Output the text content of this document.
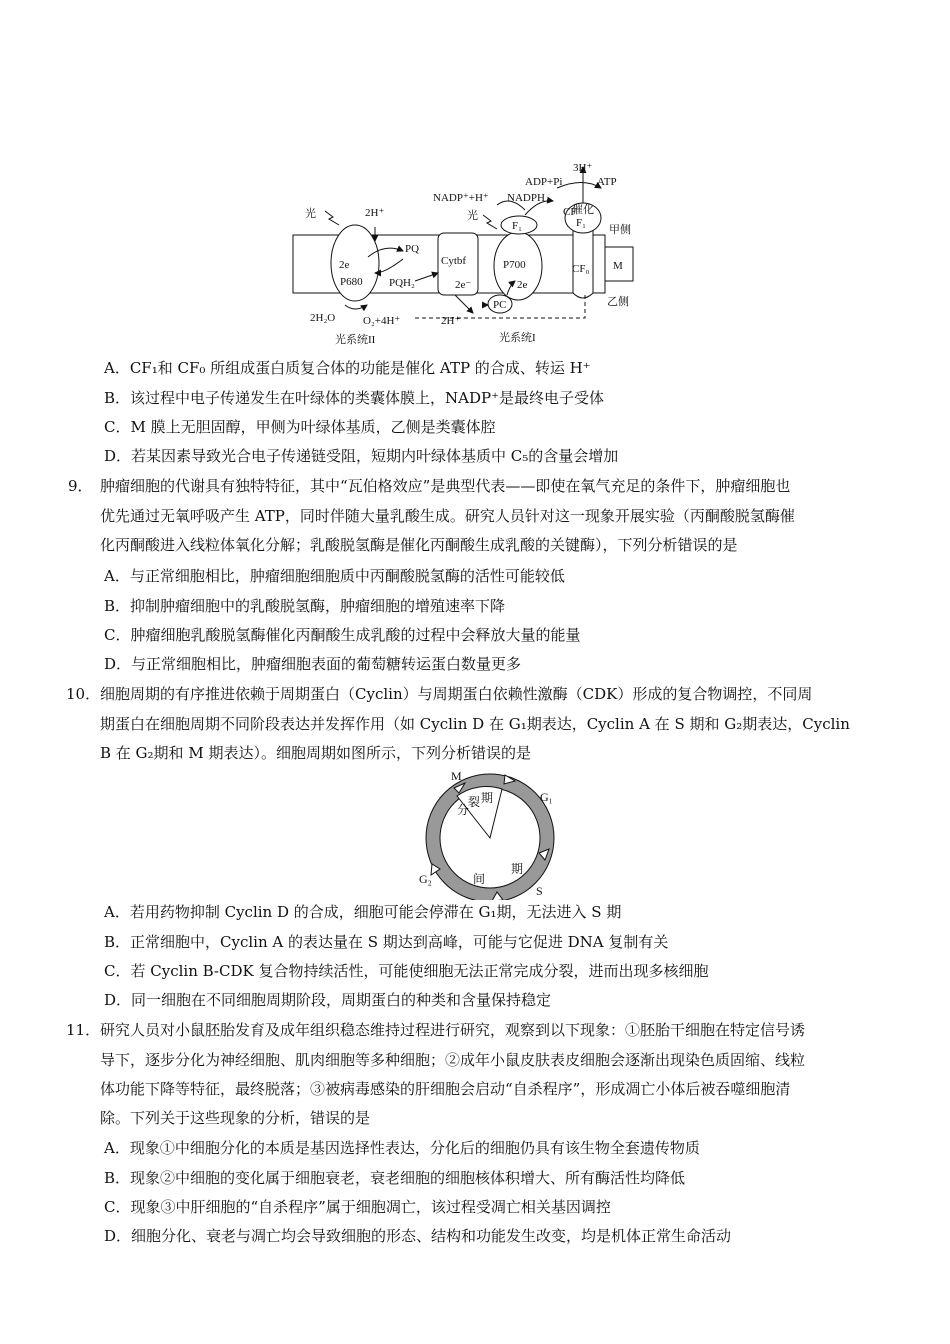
3H⁺
ADP+Pi	ATP
NADP⁺+H⁺ NADPH
催化
光	光
2H⁺
2e
P680
PQ
PQH₂
Cytbf
2e⁻
F₁	F₁
P700
2e
PC
CF
CF₀ M
甲侧
乙侧
2H₂O	O₂+4H⁺	2H⁺
光系统II	光系统I
A．CF₁和 CF₀ 所组成蛋白质复合体的功能是催化 ATP 的合成、转运 H⁺
B．该过程中电子传递发生在叶绿体的类囊体膜上，NADP⁺是最终电子受体
C．M 膜上无胆固醇，甲侧为叶绿体基质，乙侧是类囊体腔
D．若某因素导致光合电子传递链受阻，短期内叶绿体基质中 C₅的含量会增加
9． 肿瘤细胞的代谢具有独特特征，其中“瓦伯格效应”是典型代表——即使在氧气充足的条件下，肿瘤细胞也
优先通过无氧呼吸产生 ATP，同时伴随大量乳酸生成。研究人员针对这一现象开展实验（丙酮酸脱氢酶催
化丙酮酸进入线粒体氧化分解；乳酸脱氢酶是催化丙酮酸生成乳酸的关键酶），下列分析错误的是
A．与正常细胞相比，肿瘤细胞细胞质中丙酮酸脱氢酶的活性可能较低
B．抑制肿瘤细胞中的乳酸脱氢酶，肿瘤细胞的增殖速率下降
C．肿瘤细胞乳酸脱氢酶催化丙酮酸生成乳酸的过程中会释放大量的能量
D．与正常细胞相比，肿瘤细胞表面的葡萄糖转运蛋白数量更多
10． 细胞周期的有序推进依赖于周期蛋白（Cyclin）与周期蛋白依赖性激酶（CDK）形成的复合物调控，不同周
期蛋白在细胞周期不同阶段表达并发挥作用（如 Cyclin D 在 G₁期表达，Cyclin A 在 S 期和 G₂期表达，Cyclin
B 在 G₂期和 M 期表达）。细胞周期如图所示，下列分析错误的是
M
G₁
G₂
S
分
裂 期
间
期
A．若用药物抑制 Cyclin D 的合成，细胞可能会停滞在 G₁期，无法进入 S 期
B．正常细胞中，Cyclin A 的表达量在 S 期达到高峰，可能与它促进 DNA 复制有关
C．若 Cyclin B-CDK 复合物持续活性，可能使细胞无法正常完成分裂，进而出现多核细胞
D．同一细胞在不同细胞周期阶段，周期蛋白的种类和含量保持稳定
11． 研究人员对小鼠胚胎发育及成年组织稳态维持过程进行研究，观察到以下现象：①胚胎干细胞在特定信号诱
导下，逐步分化为神经细胞、肌肉细胞等多种细胞；②成年小鼠皮肤表皮细胞会逐渐出现染色质固缩、线粒
体功能下降等特征，最终脱落；③被病毒感染的肝细胞会启动“自杀程序”，形成凋亡小体后被吞噬细胞清
除。下列关于这些现象的分析，错误的是
A．现象①中细胞分化的本质是基因选择性表达，分化后的细胞仍具有该生物全套遗传物质
B．现象②中细胞的变化属于细胞衰老，衰老细胞的细胞核体积增大、所有酶活性均降低
C．现象③中肝细胞的“自杀程序”属于细胞凋亡，该过程受凋亡相关基因调控
D．细胞分化、衰老与凋亡均会导致细胞的形态、结构和功能发生改变，均是机体正常生命活动
